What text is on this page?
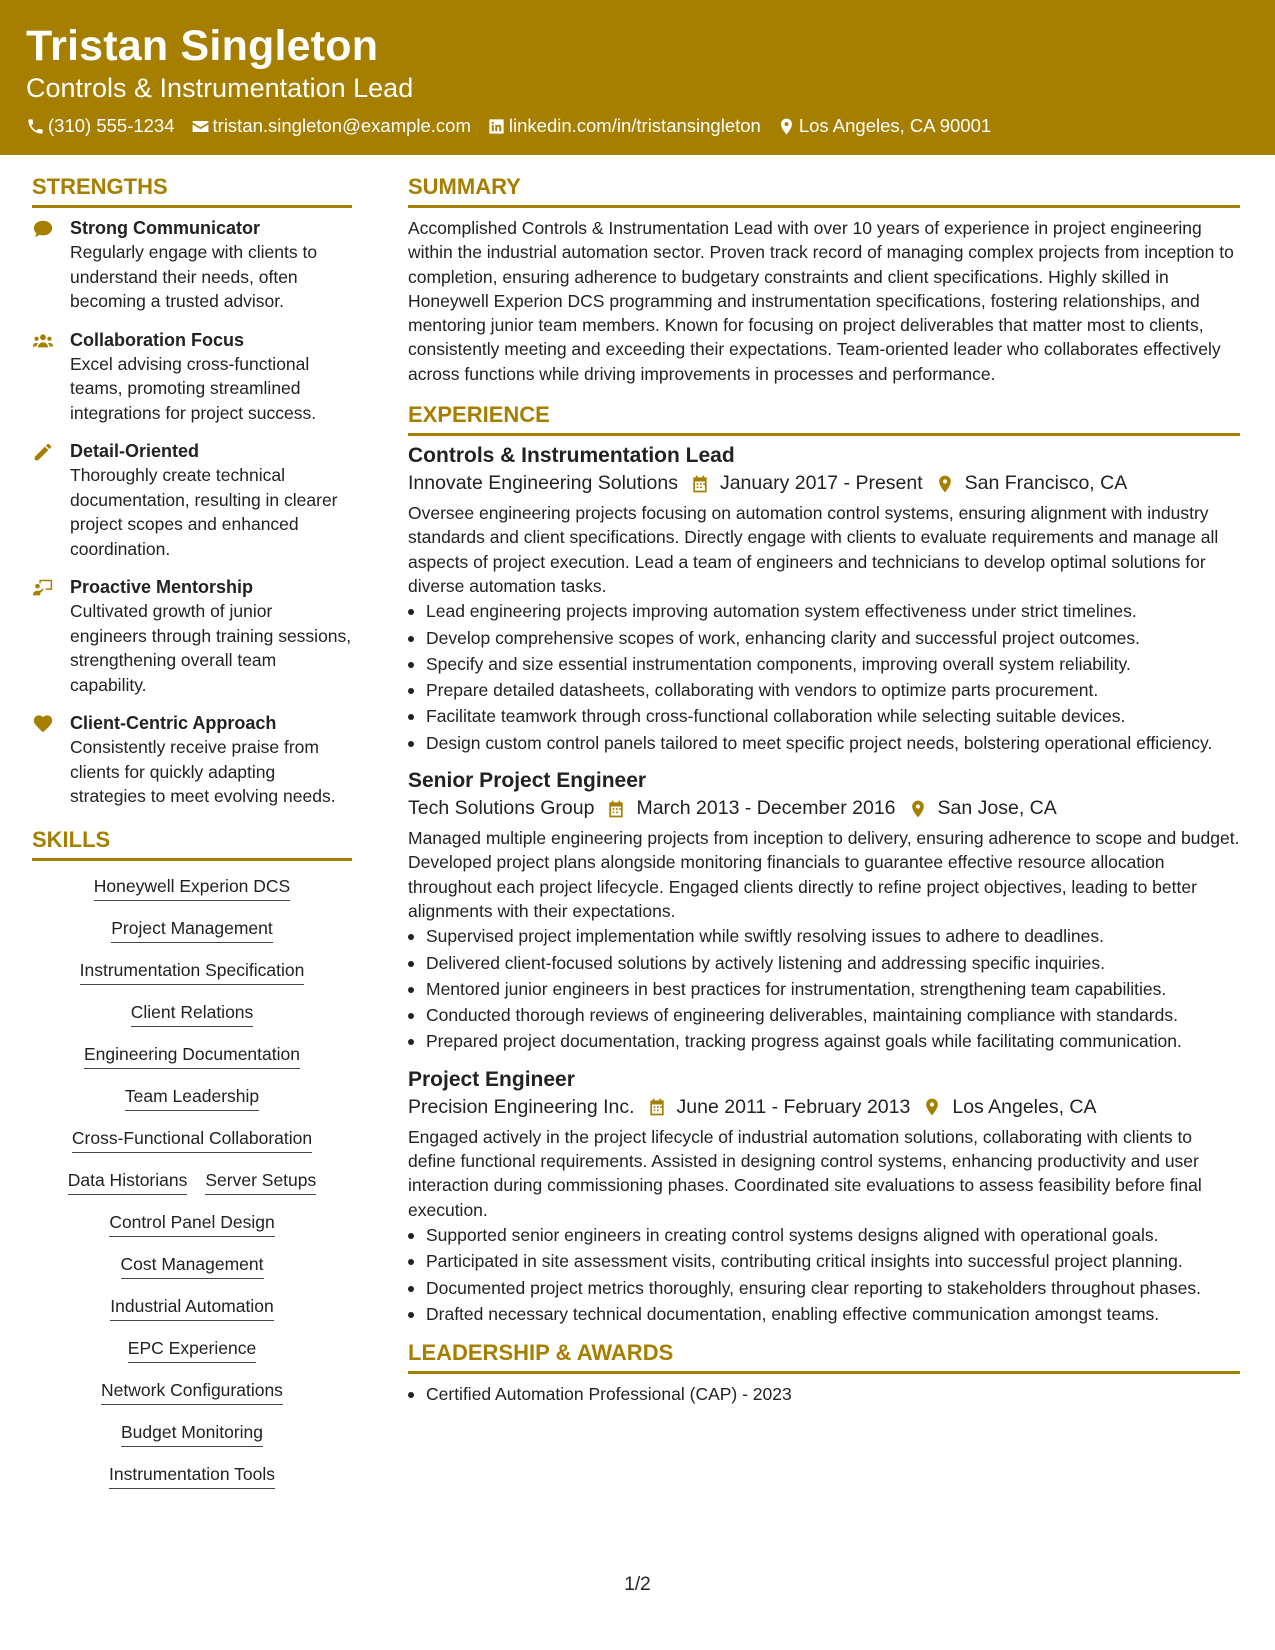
Tristan Singleton
Controls & Instrumentation Lead
(310) 555-1234 tristan.singleton@example.com linkedin.com/in/tristansingleton Los Angeles, CA 90001
STRENGTHS
Strong Communicator
Regularly engage with clients to understand their needs, often becoming a trusted advisor.
Collaboration Focus
Excel advising cross-functional teams, promoting streamlined integrations for project success.
Detail-Oriented
Thoroughly create technical documentation, resulting in clearer project scopes and enhanced coordination.
Proactive Mentorship
Cultivated growth of junior engineers through training sessions, strengthening overall team capability.
Client-Centric Approach
Consistently receive praise from clients for quickly adapting strategies to meet evolving needs.
SKILLS
Honeywell Experion DCS
Project Management
Instrumentation Specification
Client Relations
Engineering Documentation
Team Leadership
Cross-Functional Collaboration
Data Historians Server Setups
Control Panel Design
Cost Management
Industrial Automation
EPC Experience
Network Configurations
Budget Monitoring
Instrumentation Tools
SUMMARY
Accomplished Controls & Instrumentation Lead with over 10 years of experience in project engineering within the industrial automation sector. Proven track record of managing complex projects from inception to completion, ensuring adherence to budgetary constraints and client specifications. Highly skilled in Honeywell Experion DCS programming and instrumentation specifications, fostering relationships, and mentoring junior team members. Known for focusing on project deliverables that matter most to clients, consistently meeting and exceeding their expectations. Team-oriented leader who collaborates effectively across functions while driving improvements in processes and performance.
EXPERIENCE
Controls & Instrumentation Lead
Innovate Engineering Solutions January 2017 - Present San Francisco, CA
Oversee engineering projects focusing on automation control systems, ensuring alignment with industry standards and client specifications. Directly engage with clients to evaluate requirements and manage all aspects of project execution. Lead a team of engineers and technicians to develop optimal solutions for diverse automation tasks.
Lead engineering projects improving automation system effectiveness under strict timelines.
Develop comprehensive scopes of work, enhancing clarity and successful project outcomes.
Specify and size essential instrumentation components, improving overall system reliability.
Prepare detailed datasheets, collaborating with vendors to optimize parts procurement.
Facilitate teamwork through cross-functional collaboration while selecting suitable devices.
Design custom control panels tailored to meet specific project needs, bolstering operational efficiency.
Senior Project Engineer
Tech Solutions Group March 2013 - December 2016 San Jose, CA
Managed multiple engineering projects from inception to delivery, ensuring adherence to scope and budget. Developed project plans alongside monitoring financials to guarantee effective resource allocation throughout each project lifecycle. Engaged clients directly to refine project objectives, leading to better alignments with their expectations.
Supervised project implementation while swiftly resolving issues to adhere to deadlines.
Delivered client-focused solutions by actively listening and addressing specific inquiries.
Mentored junior engineers in best practices for instrumentation, strengthening team capabilities.
Conducted thorough reviews of engineering deliverables, maintaining compliance with standards.
Prepared project documentation, tracking progress against goals while facilitating communication.
Project Engineer
Precision Engineering Inc. June 2011 - February 2013 Los Angeles, CA
Engaged actively in the project lifecycle of industrial automation solutions, collaborating with clients to define functional requirements. Assisted in designing control systems, enhancing productivity and user interaction during commissioning phases. Coordinated site evaluations to assess feasibility before final execution.
Supported senior engineers in creating control systems designs aligned with operational goals.
Participated in site assessment visits, contributing critical insights into successful project planning.
Documented project metrics thoroughly, ensuring clear reporting to stakeholders throughout phases.
Drafted necessary technical documentation, enabling effective communication amongst teams.
LEADERSHIP & AWARDS
Certified Automation Professional (CAP) - 2023
1/2
